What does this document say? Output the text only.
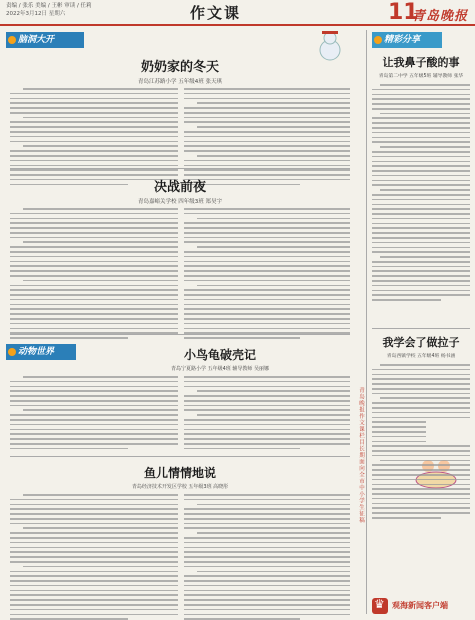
责编 / 张乐 美编 / 王彬 审读 / 任莉
2022年3月12日 星期六	作文课	11
青岛晚报
脑洞大开	精彩分享
动物世界
奶奶家的冬天
青岛江苏路小学 五年级4班 张天琪
决战前夜
青岛嘉峪关学校 四年级3班 郑昊宇
小鸟龟破壳记
青岛宁夏路小学 五年级4班 辅导教师 吴丽娜
鱼儿情情地说
青岛经济技术开发区学校 五年级3班 高晓彤	青岛晚报作文课栏目长期面向全市中小学生征稿
让我鼻子酸的事
青岛第二中学 五年级5班 辅导教师 张华
我学会了做拉子
青岛西镇学校 五年级4班 杨书涵
♛
观海新闻客户端
